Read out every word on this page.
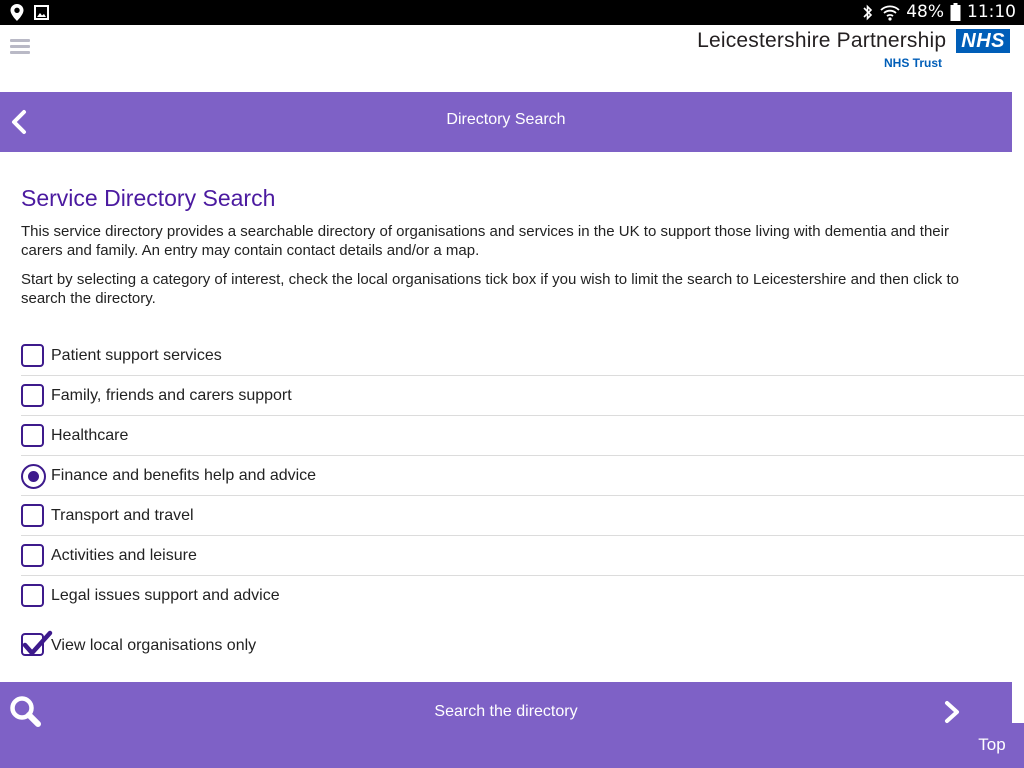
48% 11:10
Leicestershire Partnership NHS
NHS Trust
Directory Search
Service Directory Search

This service directory provides a searchable directory of organisations and services in the UK to support those living with dementia and their carers and family. An entry may contain contact details and/or a map.

Start by selecting a category of interest, check the local organisations tick box if you wish to limit the search to Leicestershire and then click to search the directory.

Patient support services
Family, friends and carers support
Healthcare
Finance and benefits help and advice
Transport and travel
Activities and leisure
Legal issues support and advice
View local organisations only
Search the directory
Top
